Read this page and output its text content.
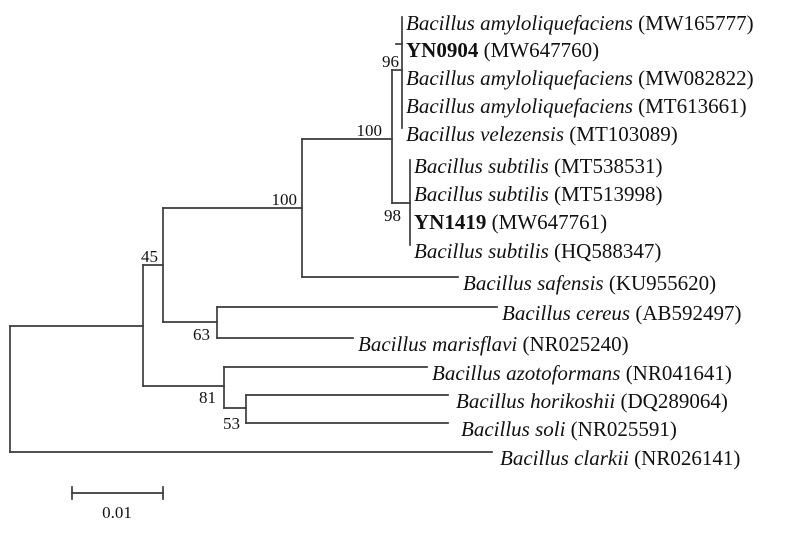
96
100
98
100
45
63
81
53
Bacillus amyloliquefaciens (MW165777)
YN0904 (MW647760)
Bacillus amyloliquefaciens (MW082822)
Bacillus amyloliquefaciens (MT613661)
Bacillus velezensis (MT103089)
Bacillus subtilis (MT538531)
Bacillus subtilis (MT513998)
YN1419 (MW647761)
Bacillus subtilis (HQ588347)
Bacillus safensis (KU955620)
Bacillus cereus (AB592497)
Bacillus marisflavi (NR025240)
Bacillus azotoformans (NR041641)
Bacillus horikoshii (DQ289064)
Bacillus soli (NR025591)
Bacillus clarkii (NR026141)
0.01
